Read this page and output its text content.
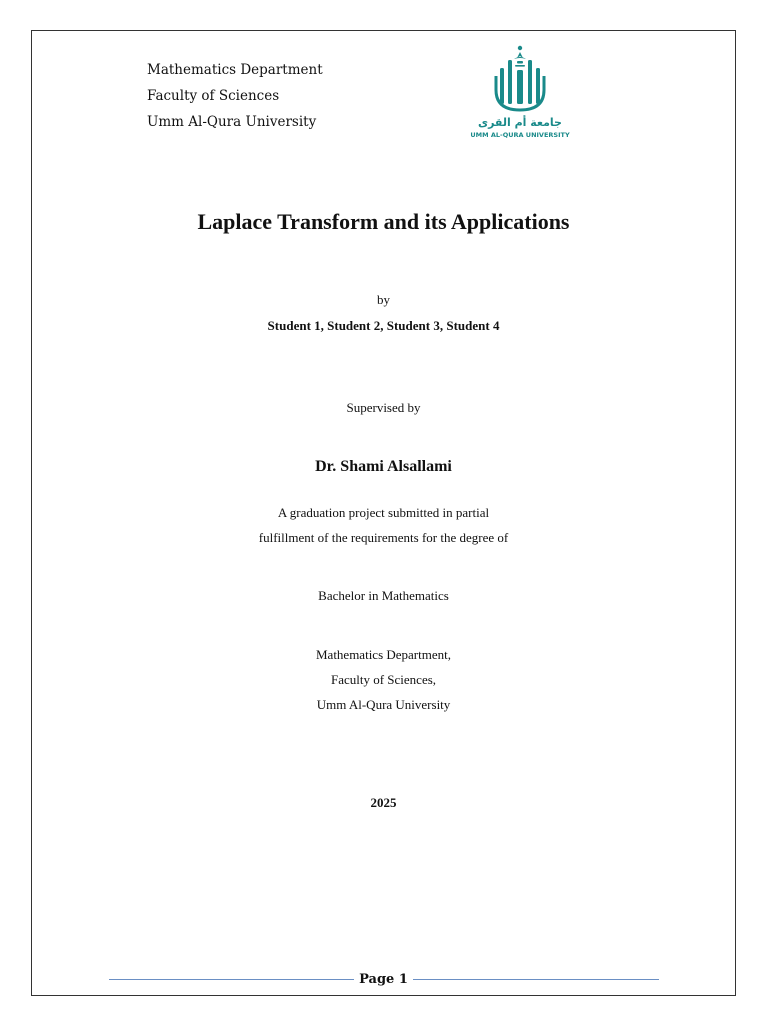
Mathematics Department
Faculty of Sciences
Umm Al-Qura University	جامعة أم القرى
UMM AL-QURA UNIVERSITY
Laplace Transform and its Applications
by
Student 1, Student 2, Student 3, Student 4
Supervised by
Dr. Shami Alsallami
A graduation project submitted in partial
fulfillment of the requirements for the degree of
Bachelor in Mathematics
Mathematics Department,
Faculty of Sciences,
Umm Al-Qura University
2025
Page 1
